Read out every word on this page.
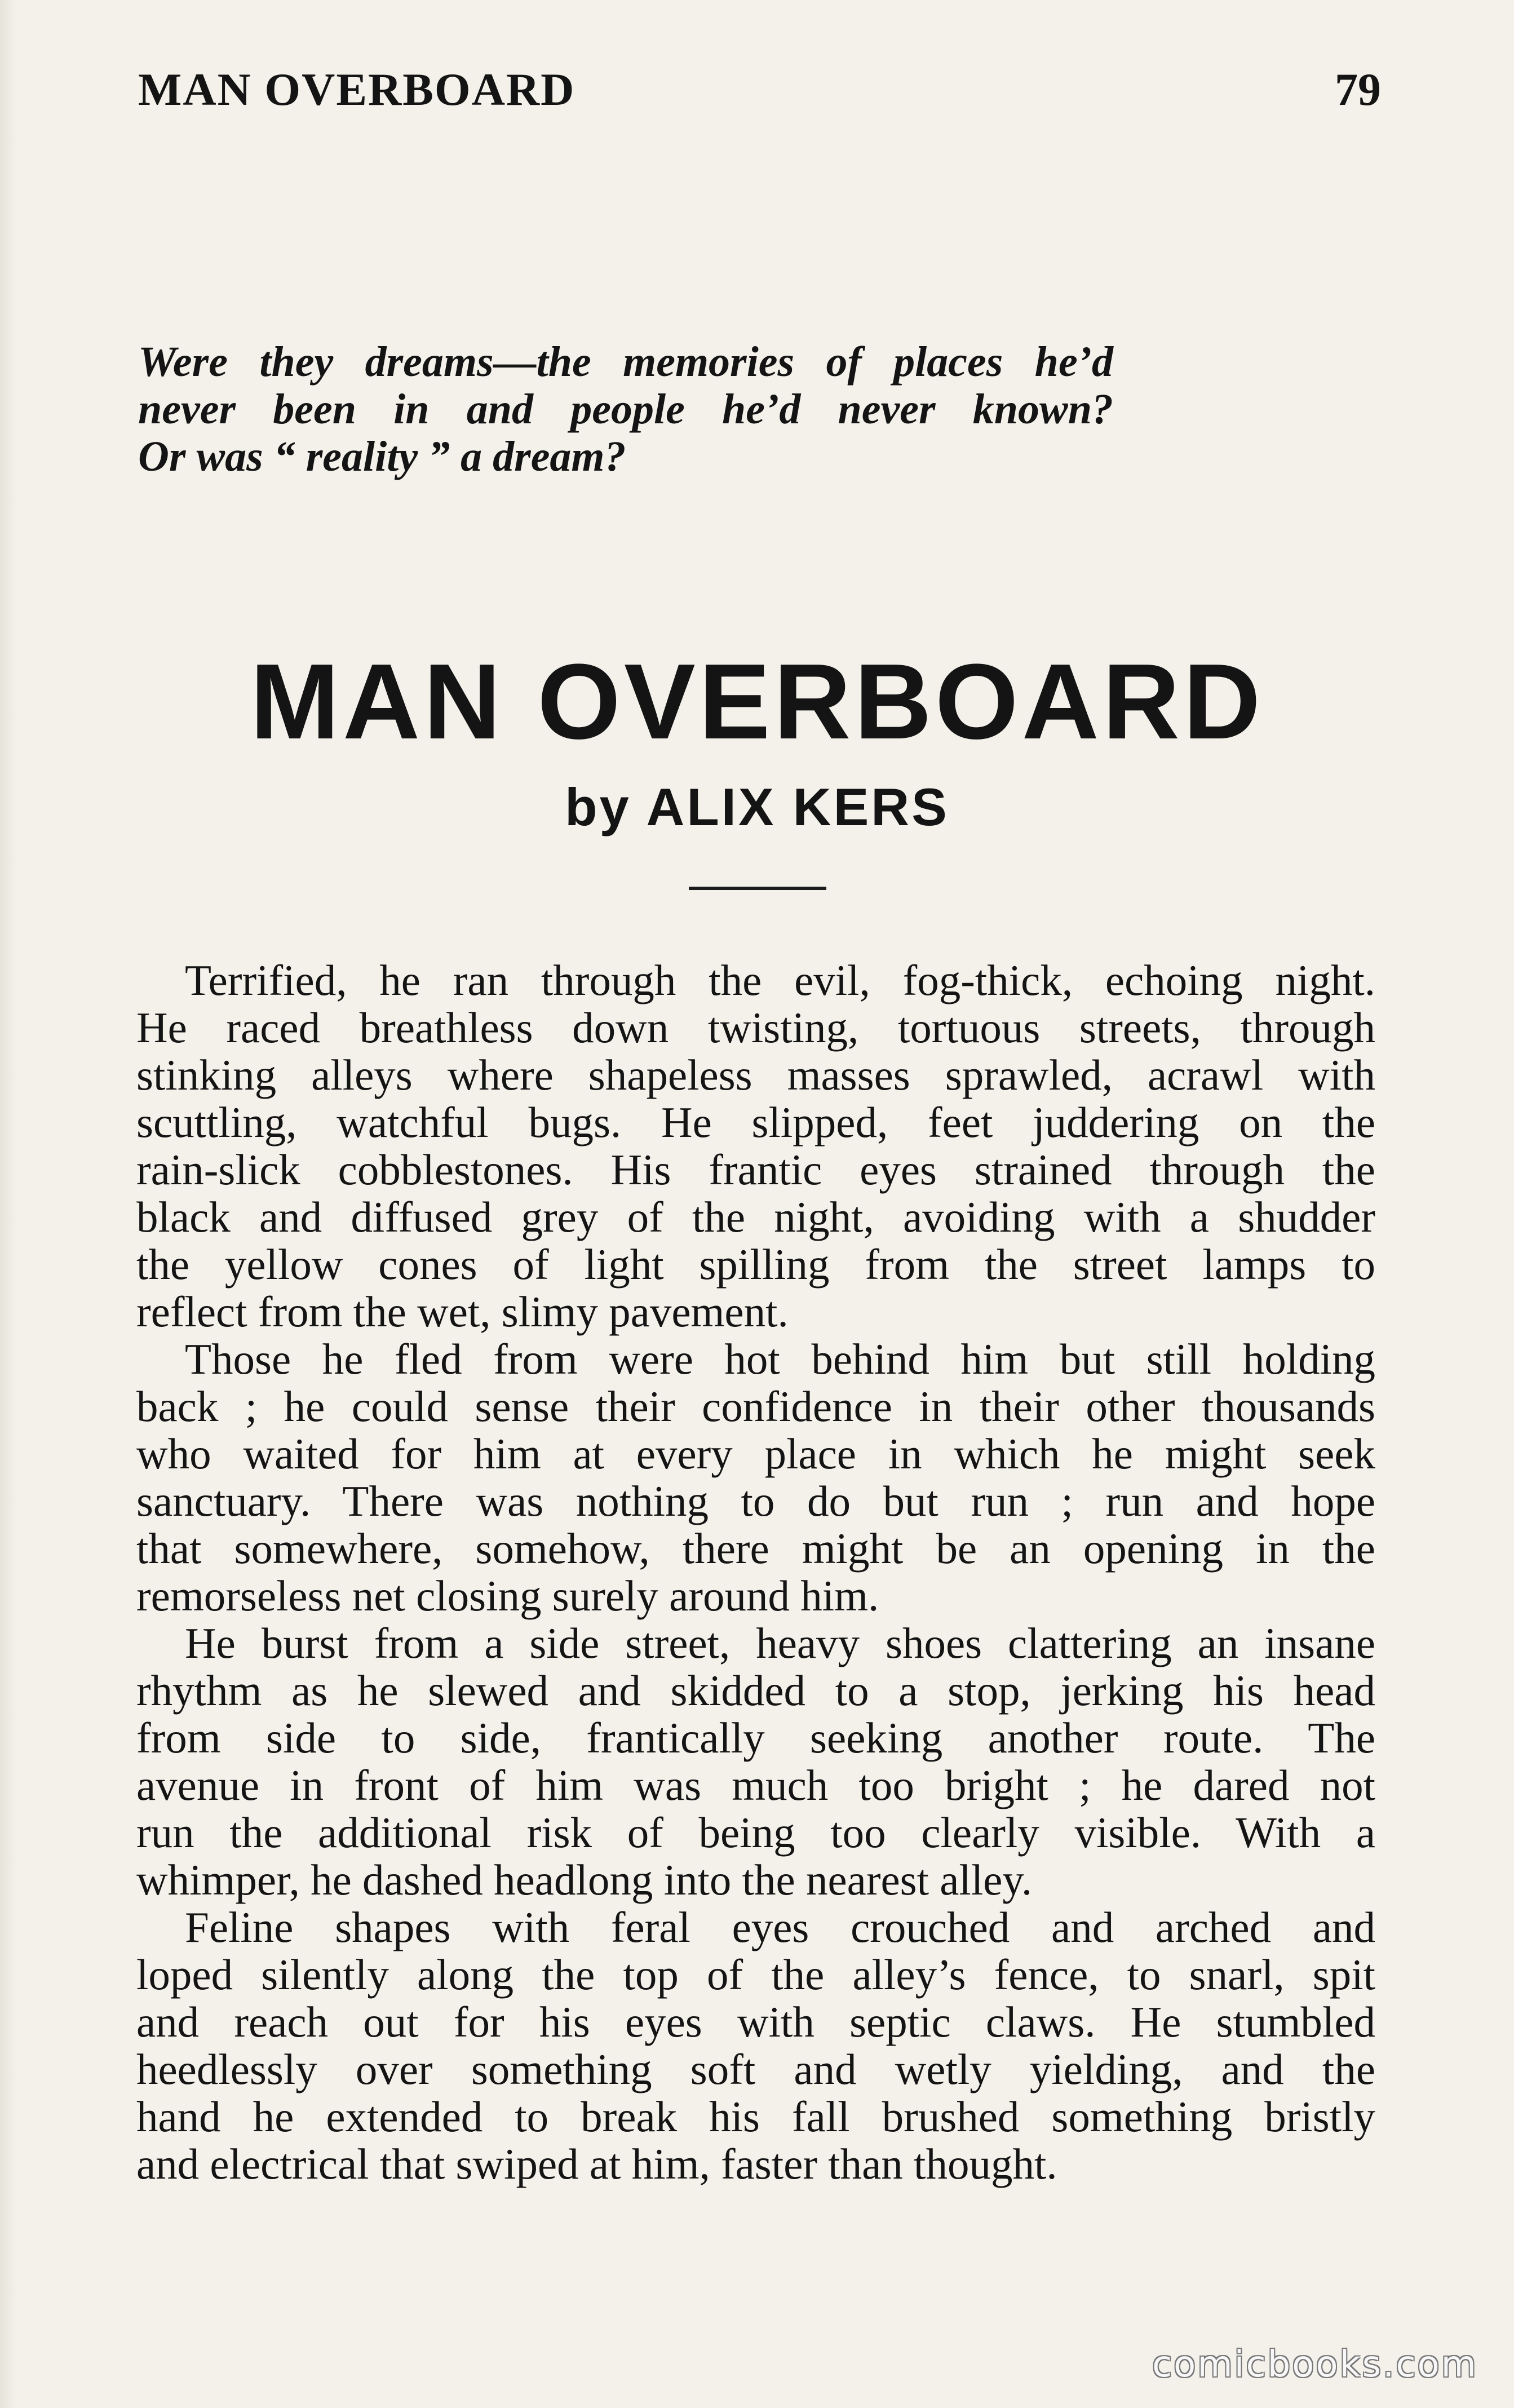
MAN OVERBOARD	79
Were they dreams—the memories of places he’d
never been in and people he’d never known?
Or was “ reality ” a dream?
MAN OVERBOARD
by ALIX KERS
Terrified, he ran through the evil, fog-thick, echoing night.
He raced breathless down twisting, tortuous streets, through
stinking alleys where shapeless masses sprawled, acrawl with
scuttling, watchful bugs. He slipped, feet juddering on the
rain-slick cobblestones. His frantic eyes strained through the
black and diffused grey of the night, avoiding with a shudder
the yellow cones of light spilling from the street lamps to
reflect from the wet, slimy pavement.
Those he fled from were hot behind him but still holding
back ; he could sense their confidence in their other thousands
who waited for him at every place in which he might seek
sanctuary. There was nothing to do but run ; run and hope
that somewhere, somehow, there might be an opening in the
remorseless net closing surely around him.
He burst from a side street, heavy shoes clattering an insane
rhythm as he slewed and skidded to a stop, jerking his head
from side to side, frantically seeking another route. The
avenue in front of him was much too bright ; he dared not
run the additional risk of being too clearly visible. With a
whimper, he dashed headlong into the nearest alley.
Feline shapes with feral eyes crouched and arched and
loped silently along the top of the alley’s fence, to snarl, spit
and reach out for his eyes with septic claws. He stumbled
heedlessly over something soft and wetly yielding, and the
hand he extended to break his fall brushed something bristly
and electrical that swiped at him, faster than thought.
comicbooks.com
